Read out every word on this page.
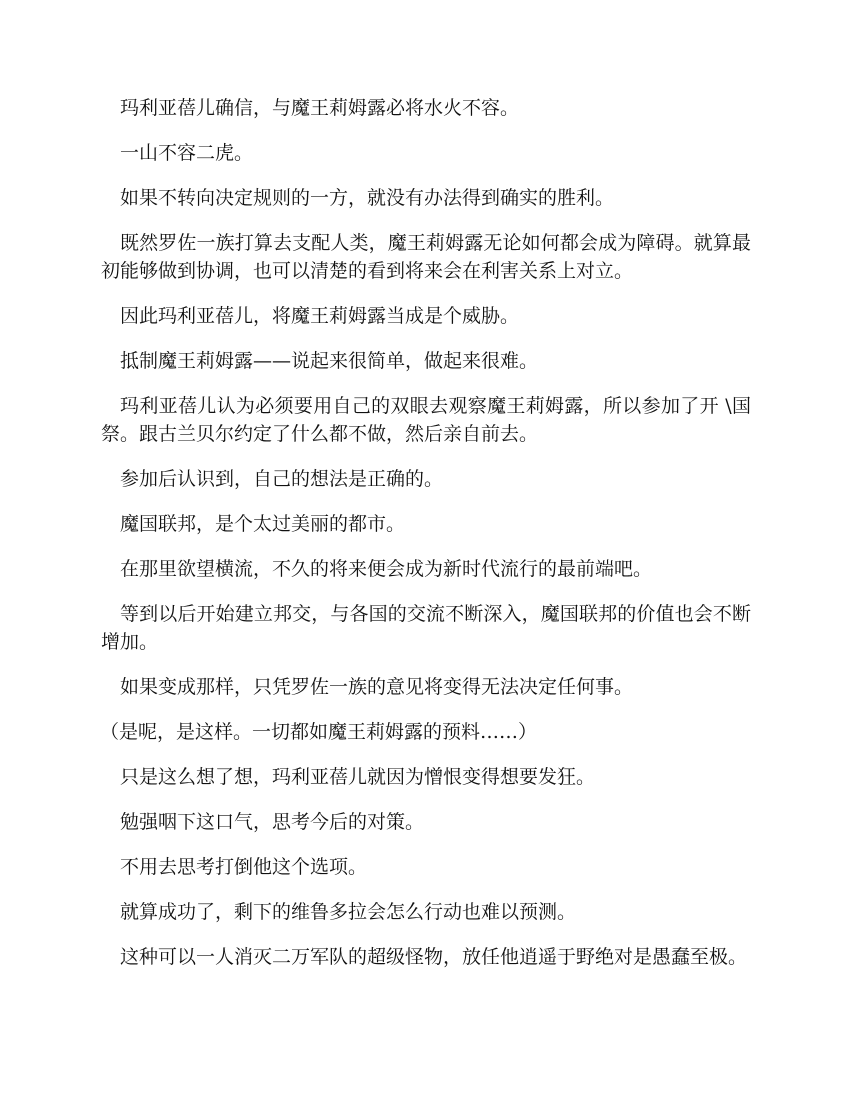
玛利亚蓓儿确信，与魔王莉姆露必将水火不容。

一山不容二虎。

如果不转向决定规则的一方，就没有办法得到确实的胜利。

既然罗佐一族打算去支配人类，魔王莉姆露无论如何都会成为障碍。就算最初能够做到协调，也可以清楚的看到将来会在利害关系上对立。

因此玛利亚蓓儿，将魔王莉姆露当成是个威胁。

抵制魔王莉姆露——说起来很简单，做起来很难。

玛利亚蓓儿认为必须要用自己的双眼去观察魔王莉姆露，所以参加了开 \国祭。跟古兰贝尔约定了什么都不做，然后亲自前去。

参加后认识到，自己的想法是正确的。

魔国联邦，是个太过美丽的都市。

在那里欲望横流，不久的将来便会成为新时代流行的最前端吧。

等到以后开始建立邦交，与各国的交流不断深入，魔国联邦的价值也会不断增加。

如果变成那样，只凭罗佐一族的意见将变得无法决定任何事。

（是呢，是这样。一切都如魔王莉姆露的预料……）

只是这么想了想，玛利亚蓓儿就因为憎恨变得想要发狂。

勉强咽下这口气，思考今后的对策。

不用去思考打倒他这个选项。

就算成功了，剩下的维鲁多拉会怎么行动也难以预测。

这种可以一人消灭二万军队的超级怪物，放任他逍遥于野绝对是愚蠢至极。
